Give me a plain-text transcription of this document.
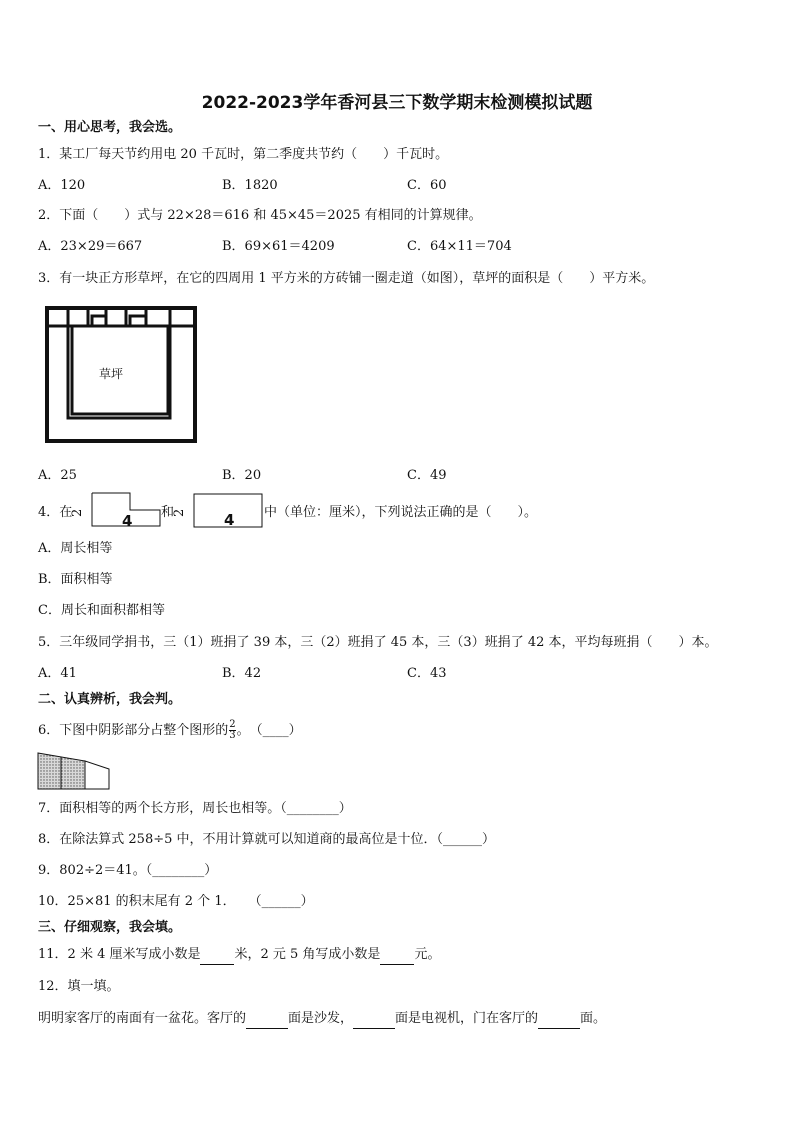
2022-2023学年香河县三下数学期末检测模拟试题
一、用心思考，我会选。
1．某工厂每天节约用电 20 千瓦时，第二季度共节约（　　）千瓦时。
A．120	B．1820	C．60
2．下面（　　）式与 22×28＝616 和 45×45＝2025 有相同的计算规律。
A．23×29＝667	B．69×61＝4209	C．64×11＝704
3．有一块正方形草坪，在它的四周用 1 平方米的方砖铺一圈走道（如图），草坪的面积是（　　）平方米。
草坪
A．25	B．20	C．49
4．在
2 4 和
2 4 中（单位：厘米），下列说法正确的是（　　）。
A．周长相等
B．面积相等
C．周长和面积都相等
5．三年级同学捐书，三（1）班捐了 39 本，三（2）班捐了 45 本，三（3）班捐了 42 本，平均每班捐（　　）本。
A．41	B．42	C．43
二、认真辨析，我会判。
6．下图中阴影部分占整个图形的 $\frac{2}{3}$ 。　（____）
7．面积相等的两个长方形，周长也相等。（________）
8．在除法算式 258÷5 中，不用计算就可以知道商的最高位是十位．（______）
9．802÷2＝41。（________）
10．25×81 的积末尾有 2 个 1．　　（______）
三、仔细观察，我会填。
11．2 米 4 厘米写成小数是	米，2 元 5 角写成小数是	元。
12．填一填。
明明家客厅的南面有一盆花。客厅的	面是沙发，	面是电视机，门在客厅的	面。
